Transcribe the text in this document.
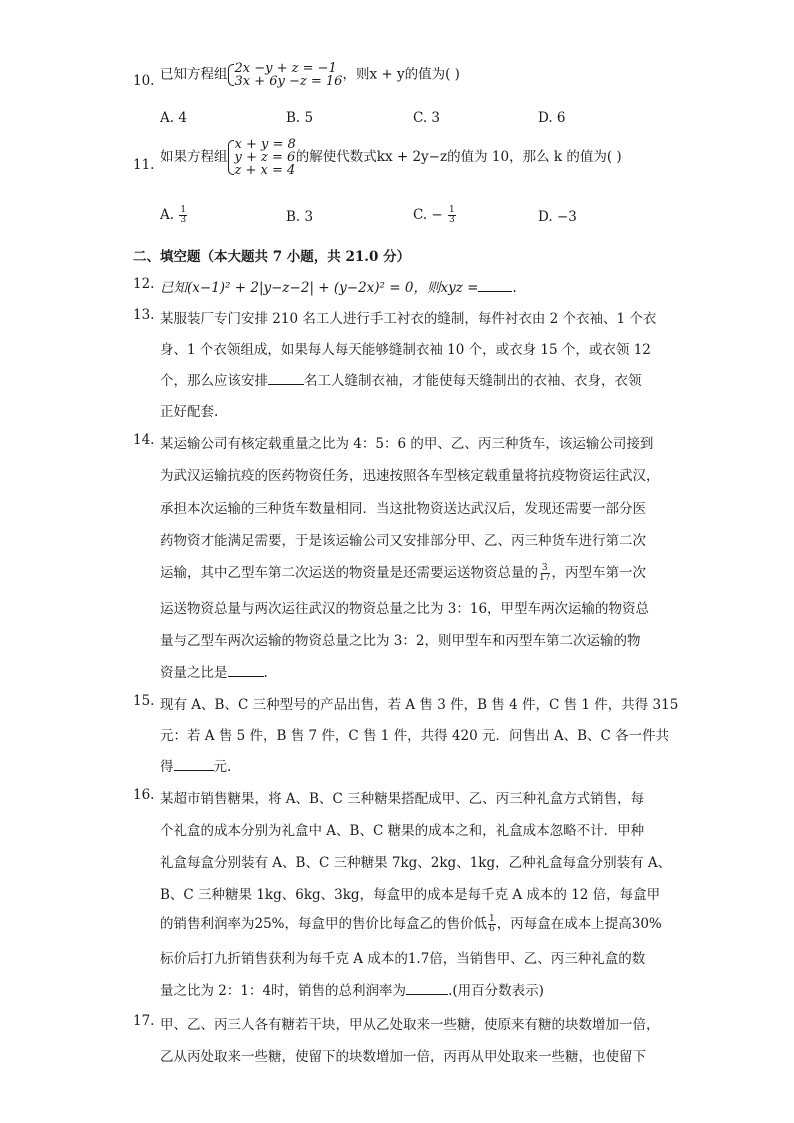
10. 已知方程组 2x −y + z = −1
3x + 6y −z = 16，则x + y的值为( )
A. 4	B. 5	C. 3	D. 6
11. 如果方程组x + y = 8
y + z = 6
z + x = 4的解使代数式kx + 2y−z的值为 10，那么 k 的值为( )
A. $\frac{1}{3}$	B. 3	C. − $\frac{1}{3}$	D. −3
二、填空题（本大题共 7 小题，共 21.0 分）
12. 已知(x−1)² + 2|y−z−2| + (y−2x)² = 0，则xyz =	.
13. 某服装厂专门安排 210 名工人进行手工衬衣的缝制，每件衬衣由 2 个衣袖、1 个衣
身、1 个衣领组成，如果每人每天能够缝制衣袖 10 个，或衣身 15 个，或衣领 12
个，那么应该安排	名工人缝制衣袖，才能使每天缝制出的衣袖、衣身，衣领
正好配套.
14. 某运输公司有核定载重量之比为 4：5：6 的甲、乙、丙三种货车，该运输公司接到
为武汉运输抗疫的医药物资任务，迅速按照各车型核定载重量将抗疫物资运往武汉，
承担本次运输的三种货车数量相同．当这批物资送达武汉后，发现还需要一部分医
药物资才能满足需要，于是该运输公司又安排部分甲、乙、丙三种货车进行第二次
运输，其中乙型车第二次运送的物资量是还需要运送物资总量的 $\frac{3}{17}$ ，丙型车第一次
运送物资总量与两次运往武汉的物资总量之比为 3：16，甲型车两次运输的物资总
量与乙型车两次运输的物资总量之比为 3：2，则甲型车和丙型车第二次运输的物
资量之比是	.
15. 现有 A、B、C 三种型号的产品出售，若 A 售 3 件，B 售 4 件，C 售 1 件，共得 315
元：若 A 售 5 件，B 售 7 件，C 售 1 件，共得 420 元．问售出 A、B、C 各一件共
得	元.
16. 某超市销售糖果，将 A、B、C 三种糖果搭配成甲、乙、丙三种礼盒方式销售，每
个礼盒的成本分别为礼盒中 A、B、C 糖果的成本之和，礼盒成本忽略不计．甲种
礼盒每盒分别装有 A、B、C 三种糖果 7kg、2kg、1kg，乙种礼盒每盒分别装有 A、
B、C 三种糖果 1kg、6kg、3kg，每盒甲的成本是每千克 A 成本的 12 倍，每盒甲
的销售利润率为25%，每盒甲的售价比每盒乙的售价低 $\frac{1}{6}$ ，丙每盒在成本上提高30%
标价后打九折销售获利为每千克 A 成本的1.7倍，当销售甲、乙、丙三种礼盒的数
量之比为 2：1：4时，销售的总利润率为	.(用百分数表示)
17. 甲、乙、丙三人各有糖若干块，甲从乙处取来一些糖，使原来有糖的块数增加一倍，
乙从丙处取来一些糖，使留下的块数增加一倍，丙再从甲处取来一些糖，也使留下
